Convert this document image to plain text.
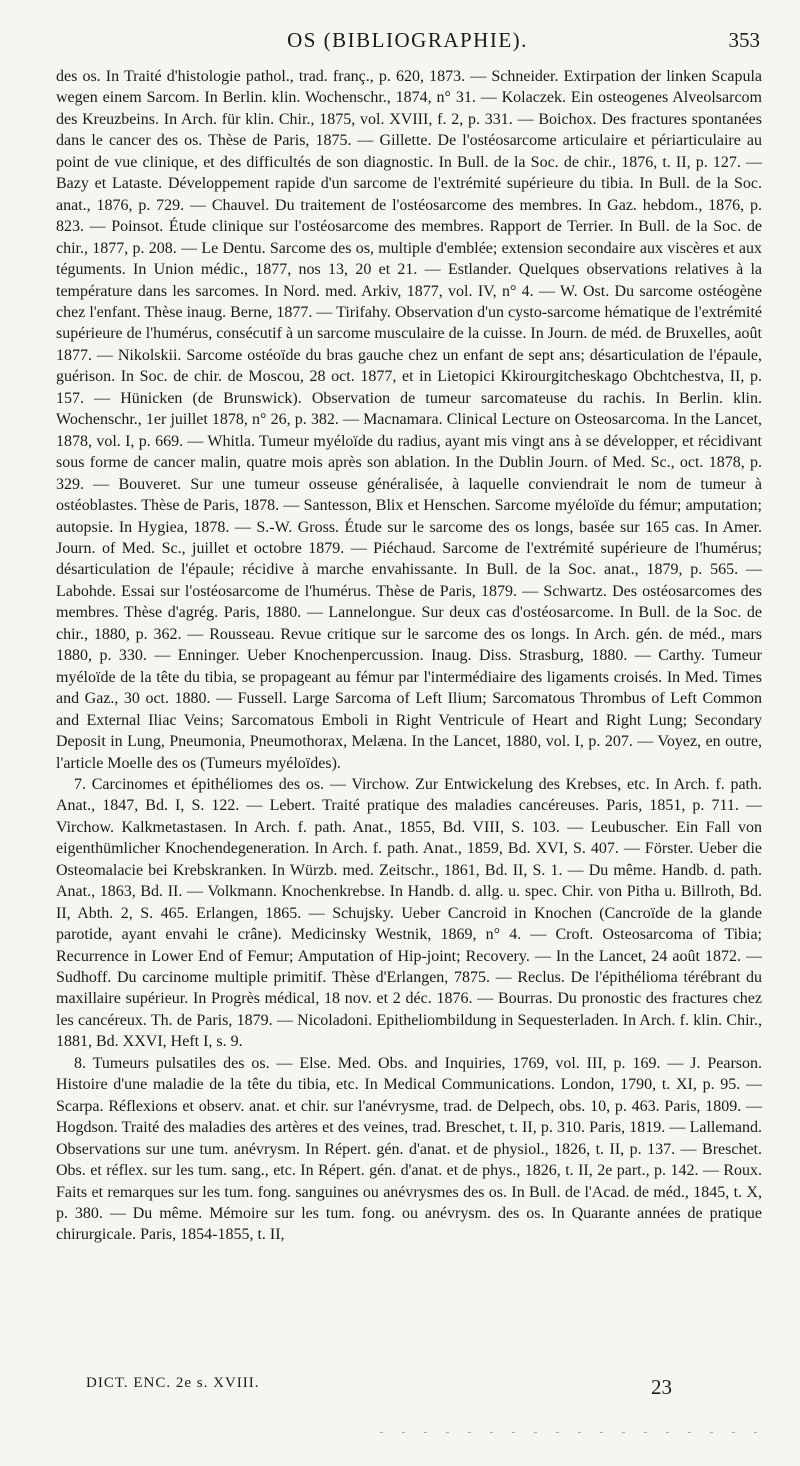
OS (BIBLIOGRAPHIE).	353

des os. In Traité d'histologie pathol., trad. franç., p. 620, 1873. — Schneider. Extirpation der linken Scapula wegen einem Sarcom. In Berlin. klin. Wochenschr., 1874, n° 31. — Kolaczek. Ein osteogenes Alveolsarcom des Kreuzbeins. In Arch. für klin. Chir., 1875, vol. XVIII, f. 2, p. 331. — Boichox. Des fractures spontanées dans le cancer des os. Thèse de Paris, 1875. — Gillette. De l'ostéosarcome articulaire et périarticulaire au point de vue clinique, et des difficultés de son diagnostic. In Bull. de la Soc. de chir., 1876, t. II, p. 127. — Bazy et Lataste. Développement rapide d'un sarcome de l'extrémité supérieure du tibia. In Bull. de la Soc. anat., 1876, p. 729. — Chauvel. Du traitement de l'ostéosarcome des membres. In Gaz. hebdom., 1876, p. 823. — Poinsot. Étude clinique sur l'ostéosarcome des membres. Rapport de Terrier. In Bull. de la Soc. de chir., 1877, p. 208. — Le Dentu. Sarcome des os, multiple d'emblée; extension secondaire aux viscères et aux téguments. In Union médic., 1877, nos 13, 20 et 21. — Estlander. Quelques observations relatives à la température dans les sarcomes. In Nord. med. Arkiv, 1877, vol. IV, n° 4. — W. Ost. Du sarcome ostéogène chez l'enfant. Thèse inaug. Berne, 1877. — Tirifahy. Observation d'un cysto-sarcome hématique de l'extrémité supérieure de l'humérus, consécutif à un sarcome musculaire de la cuisse. In Journ. de méd. de Bruxelles, août 1877. — Nikolskii. Sarcome ostéoïde du bras gauche chez un enfant de sept ans; désarticulation de l'épaule, guérison. In Soc. de chir. de Moscou, 28 oct. 1877, et in Lietopici Kkirourgitcheskago Obchtchestva, II, p. 157. — Hünicken (de Brunswick). Observation de tumeur sarcomateuse du rachis. In Berlin. klin. Wochenschr., 1er juillet 1878, n° 26, p. 382. — Macnamara. Clinical Lecture on Osteosarcoma. In the Lancet, 1878, vol. I, p. 669. — Whitla. Tumeur myéloïde du radius, ayant mis vingt ans à se développer, et récidivant sous forme de cancer malin, quatre mois après son ablation. In the Dublin Journ. of Med. Sc., oct. 1878, p. 329. — Bouveret. Sur une tumeur osseuse généralisée, à laquelle conviendrait le nom de tumeur à ostéoblastes. Thèse de Paris, 1878. — Santesson, Blix et Henschen. Sarcome myéloïde du fémur; amputation; autopsie. In Hygiea, 1878. — S.-W. Gross. Étude sur le sarcome des os longs, basée sur 165 cas. In Amer. Journ. of Med. Sc., juillet et octobre 1879. — Piéchaud. Sarcome de l'extrémité supérieure de l'humérus; désarticulation de l'épaule; récidive à marche envahissante. In Bull. de la Soc. anat., 1879, p. 565. — Labohde. Essai sur l'ostéosarcome de l'humérus. Thèse de Paris, 1879. — Schwartz. Des ostéosarcomes des membres. Thèse d'agrég. Paris, 1880. — Lannelongue. Sur deux cas d'ostéosarcome. In Bull. de la Soc. de chir., 1880, p. 362. — Rousseau. Revue critique sur le sarcome des os longs. In Arch. gén. de méd., mars 1880, p. 330. — Enninger. Ueber Knochenpercussion. Inaug. Diss. Strasburg, 1880. — Carthy. Tumeur myéloïde de la tête du tibia, se propageant au fémur par l'intermédiaire des ligaments croisés. In Med. Times and Gaz., 30 oct. 1880. — Fussell. Large Sarcoma of Left Ilium; Sarcomatous Thrombus of Left Common and External Iliac Veins; Sarcomatous Emboli in Right Ventricule of Heart and Right Lung; Secondary Deposit in Lung, Pneumonia, Pneumothorax, Melæna. In the Lancet, 1880, vol. I, p. 207. — Voyez, en outre, l'article Moelle des os (Tumeurs myéloïdes).

7. Carcinomes et épithéliomes des os. — Virchow. Zur Entwickelung des Krebses, etc. In Arch. f. path. Anat., 1847, Bd. I, S. 122. — Lebert. Traité pratique des maladies cancéreuses. Paris, 1851, p. 711. — Virchow. Kalkmetastasen. In Arch. f. path. Anat., 1855, Bd. VIII, S. 103. — Leubuscher. Ein Fall von eigenthümlicher Knochendegeneration. In Arch. f. path. Anat., 1859, Bd. XVI, S. 407. — Förster. Ueber die Osteomalacie bei Krebskranken. In Würzb. med. Zeitschr., 1861, Bd. II, S. 1. — Du même. Handb. d. path. Anat., 1863, Bd. II. — Volkmann. Knochenkrebse. In Handb. d. allg. u. spec. Chir. von Pitha u. Billroth, Bd. II, Abth. 2, S. 465. Erlangen, 1865. — Schujsky. Ueber Cancroid in Knochen (Cancroïde de la glande parotide, ayant envahi le crâne). Medicinsky Westnik, 1869, n° 4. — Croft. Osteosarcoma of Tibia; Recurrence in Lower End of Femur; Amputation of Hip-joint; Recovery. — In the Lancet, 24 août 1872. — Sudhoff. Du carcinome multiple primitif. Thèse d'Erlangen, 7875. — Reclus. De l'épithélioma térébrant du maxillaire supérieur. In Progrès médical, 18 nov. et 2 déc. 1876. — Bourras. Du pronostic des fractures chez les cancéreux. Th. de Paris, 1879. — Nicoladoni. Epitheliombildung in Sequesterladen. In Arch. f. klin. Chir., 1881, Bd. XXVI, Heft I, s. 9.

8. Tumeurs pulsatiles des os. — Else. Med. Obs. and Inquiries, 1769, vol. III, p. 169. — J. Pearson. Histoire d'une maladie de la tête du tibia, etc. In Medical Communications. London, 1790, t. XI, p. 95. — Scarpa. Réflexions et observ. anat. et chir. sur l'anévrysme, trad. de Delpech, obs. 10, p. 463. Paris, 1809. — Hogdson. Traité des maladies des artères et des veines, trad. Breschet, t. II, p. 310. Paris, 1819. — Lallemand. Observations sur une tum. anévrysm. In Répert. gén. d'anat. et de physiol., 1826, t. II, p. 137. — Breschet. Obs. et réflex. sur les tum. sang., etc. In Répert. gén. d'anat. et de phys., 1826, t. II, 2e part., p. 142. — Roux. Faits et remarques sur les tum. fong. sanguines ou anévrysmes des os. In Bull. de l'Acad. de méd., 1845, t. X, p. 380. — Du même. Mémoire sur les tum. fong. ou anévrysm. des os. In Quarante années de pratique chirurgicale. Paris, 1854-1855, t. II,

DICT. ENC. 2e s. XVIII.	23
